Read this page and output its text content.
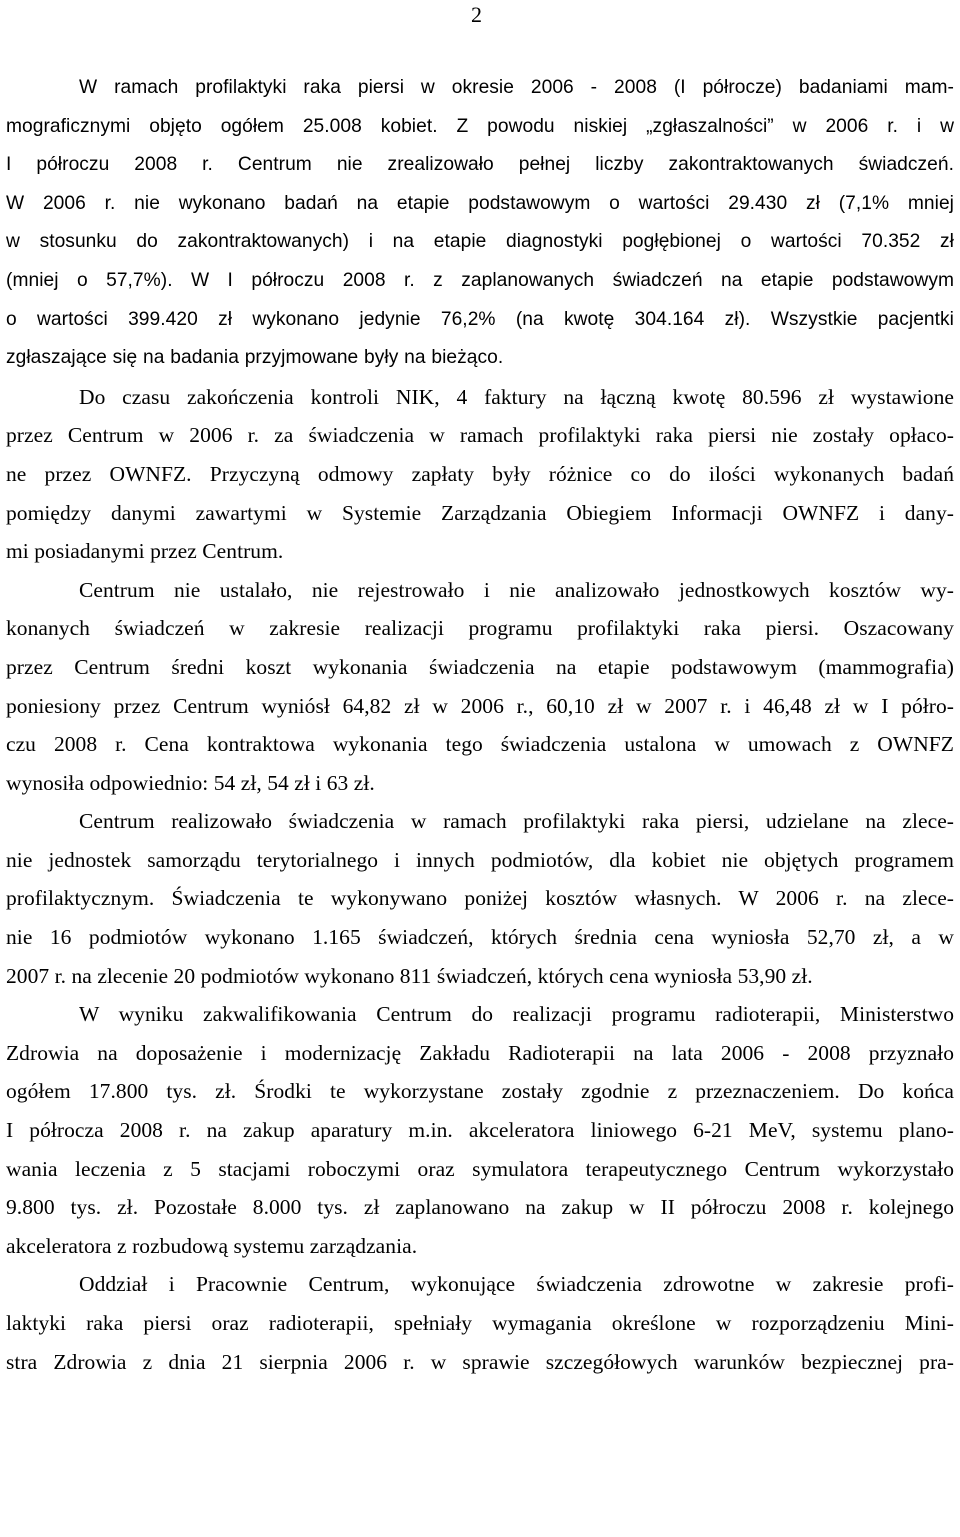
2

W ramach profilaktyki raka piersi w okresie 2006 - 2008 (I półrocze) badaniami mam-
mograficznymi objęto ogółem 25.008 kobiet. Z powodu niskiej „zgłaszalności” w 2006 r. i w
I półroczu 2008 r. Centrum nie zrealizowało pełnej liczby zakontraktowanych świadczeń.
W 2006 r. nie wykonano badań na etapie podstawowym o wartości 29.430 zł (7,1% mniej
w stosunku do zakontraktowanych) i na etapie diagnostyki pogłębionej o wartości 70.352 zł
(mniej o 57,7%). W I półroczu 2008 r. z zaplanowanych świadczeń na etapie podstawowym
o wartości 399.420 zł wykonano jedynie 76,2% (na kwotę 304.164 zł). Wszystkie pacjentki
zgłaszające się na badania przyjmowane były na bieżąco.

Do czasu zakończenia kontroli NIK, 4 faktury na łączną kwotę 80.596 zł wystawione
przez Centrum w 2006 r. za świadczenia w ramach profilaktyki raka piersi nie zostały opłaco-
ne przez OWNFZ. Przyczyną odmowy zapłaty były różnice co do ilości wykonanych badań
pomiędzy danymi zawartymi w Systemie Zarządzania Obiegiem Informacji OWNFZ i dany-
mi posiadanymi przez Centrum.

Centrum nie ustalało, nie rejestrowało i nie analizowało jednostkowych kosztów wy-
konanych świadczeń w zakresie realizacji programu profilaktyki raka piersi. Oszacowany
przez Centrum średni koszt wykonania świadczenia na etapie podstawowym (mammografia)
poniesiony przez Centrum wyniósł 64,82 zł w 2006 r., 60,10 zł w 2007 r. i 46,48 zł w I półro-
czu 2008 r. Cena kontraktowa wykonania tego świadczenia ustalona w umowach z OWNFZ
wynosiła odpowiednio: 54 zł, 54 zł i 63 zł.

Centrum realizowało świadczenia w ramach profilaktyki raka piersi, udzielane na zlece-
nie jednostek samorządu terytorialnego i innych podmiotów, dla kobiet nie objętych programem
profilaktycznym. Świadczenia te wykonywano poniżej kosztów własnych. W 2006 r. na zlece-
nie 16 podmiotów wykonano 1.165 świadczeń, których średnia cena wyniosła 52,70 zł, a w
2007 r. na zlecenie 20 podmiotów wykonano 811 świadczeń, których cena wyniosła 53,90 zł.

W wyniku zakwalifikowania Centrum do realizacji programu radioterapii, Ministerstwo
Zdrowia na doposażenie i modernizację Zakładu Radioterapii na lata 2006 - 2008 przyznało
ogółem 17.800 tys. zł. Środki te wykorzystane zostały zgodnie z przeznaczeniem. Do końca
I półrocza 2008 r. na zakup aparatury m.in. akceleratora liniowego 6-21 MeV, systemu plano-
wania leczenia z 5 stacjami roboczymi oraz symulatora terapeutycznego Centrum wykorzystało
9.800 tys. zł. Pozostałe 8.000 tys. zł zaplanowano na zakup w II półroczu 2008 r. kolejnego
akceleratora z rozbudową systemu zarządzania.

Oddział i Pracownie Centrum, wykonujące świadczenia zdrowotne w zakresie profi-
laktyki raka piersi oraz radioterapii, spełniały wymagania określone w rozporządzeniu Mini-
stra Zdrowia z dnia 21 sierpnia 2006 r. w sprawie szczegółowych warunków bezpiecznej pra-
